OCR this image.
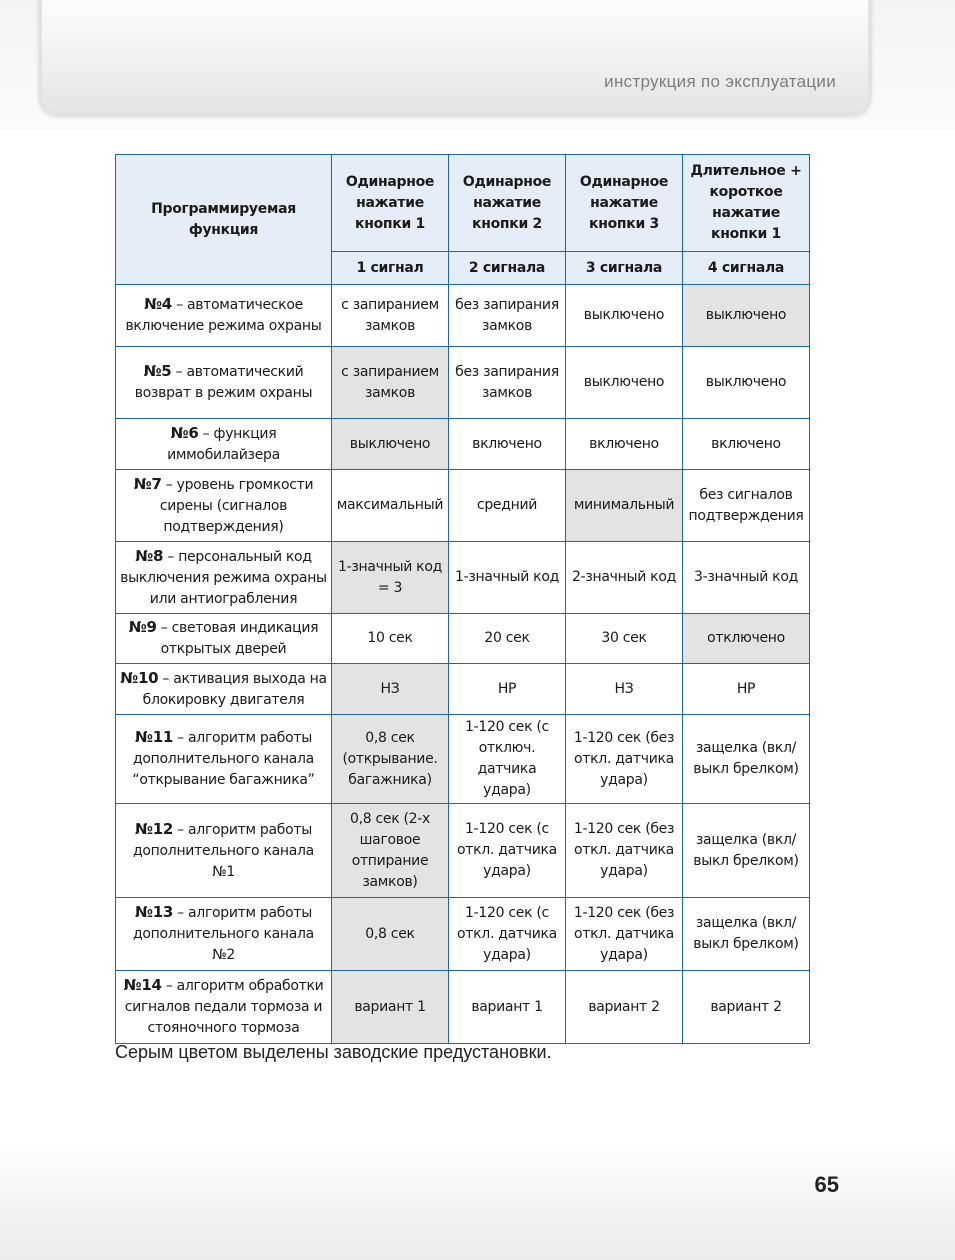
инструкция по эксплуатации
Программируемая функция	Одинарное нажатие кнопки 1	Одинарное нажатие кнопки 2	Одинарное нажатие кнопки 3	Длительное + короткое нажатие кнопки 1
	1 сигнал	2 сигнала	3 сигнала	4 сигнала
№4 – автоматическое включение режима охраны	с запиранием замков	без запирания замков	выключено	выключено
№5 – автоматический возврат в режим охраны	с запиранием замков	без запирания замков	выключено	выключено
№6 – функция иммобилайзера	выключено	включено	включено	включено
№7 – уровень громкости сирены (сигналов подтверждения)	максимальный	средний	минимальный	без сигналов подтверждения
№8 – персональный код выключения режима охраны или антиограбления	1-значный код = 3	1-значный код	2-значный код	3-значный код
№9 – световая индикация открытых дверей	10 сек	20 сек	30 сек	отключено
№10 – активация выхода на блокировку двигателя	НЗ	НР	НЗ	НР
№11 – алгоритм работы дополнительного канала “открывание багажника”	0,8 сек (открывание. багажника)	1-120 сек (с отключ. датчика удара)	1-120 сек (без откл. датчика удара)	защелка (вкл/выкл брелком)
№12 – алгоритм работы дополнительного канала №1	0,8 сек (2-х шаговое отпирание замков)	1-120 сек (с откл. датчика удара)	1-120 сек (без откл. датчика удара)	защелка (вкл/выкл брелком)
№13 – алгоритм работы дополнительного канала №2	0,8 сек	1-120 сек (с откл. датчика удара)	1-120 сек (без откл. датчика удара)	защелка (вкл/выкл брелком)
№14 – алгоритм обработки сигналов педали тормоза и стояночного тормоза	вариант 1	вариант 1	вариант 2	вариант 2
Серым цветом выделены заводские предустановки.
65
